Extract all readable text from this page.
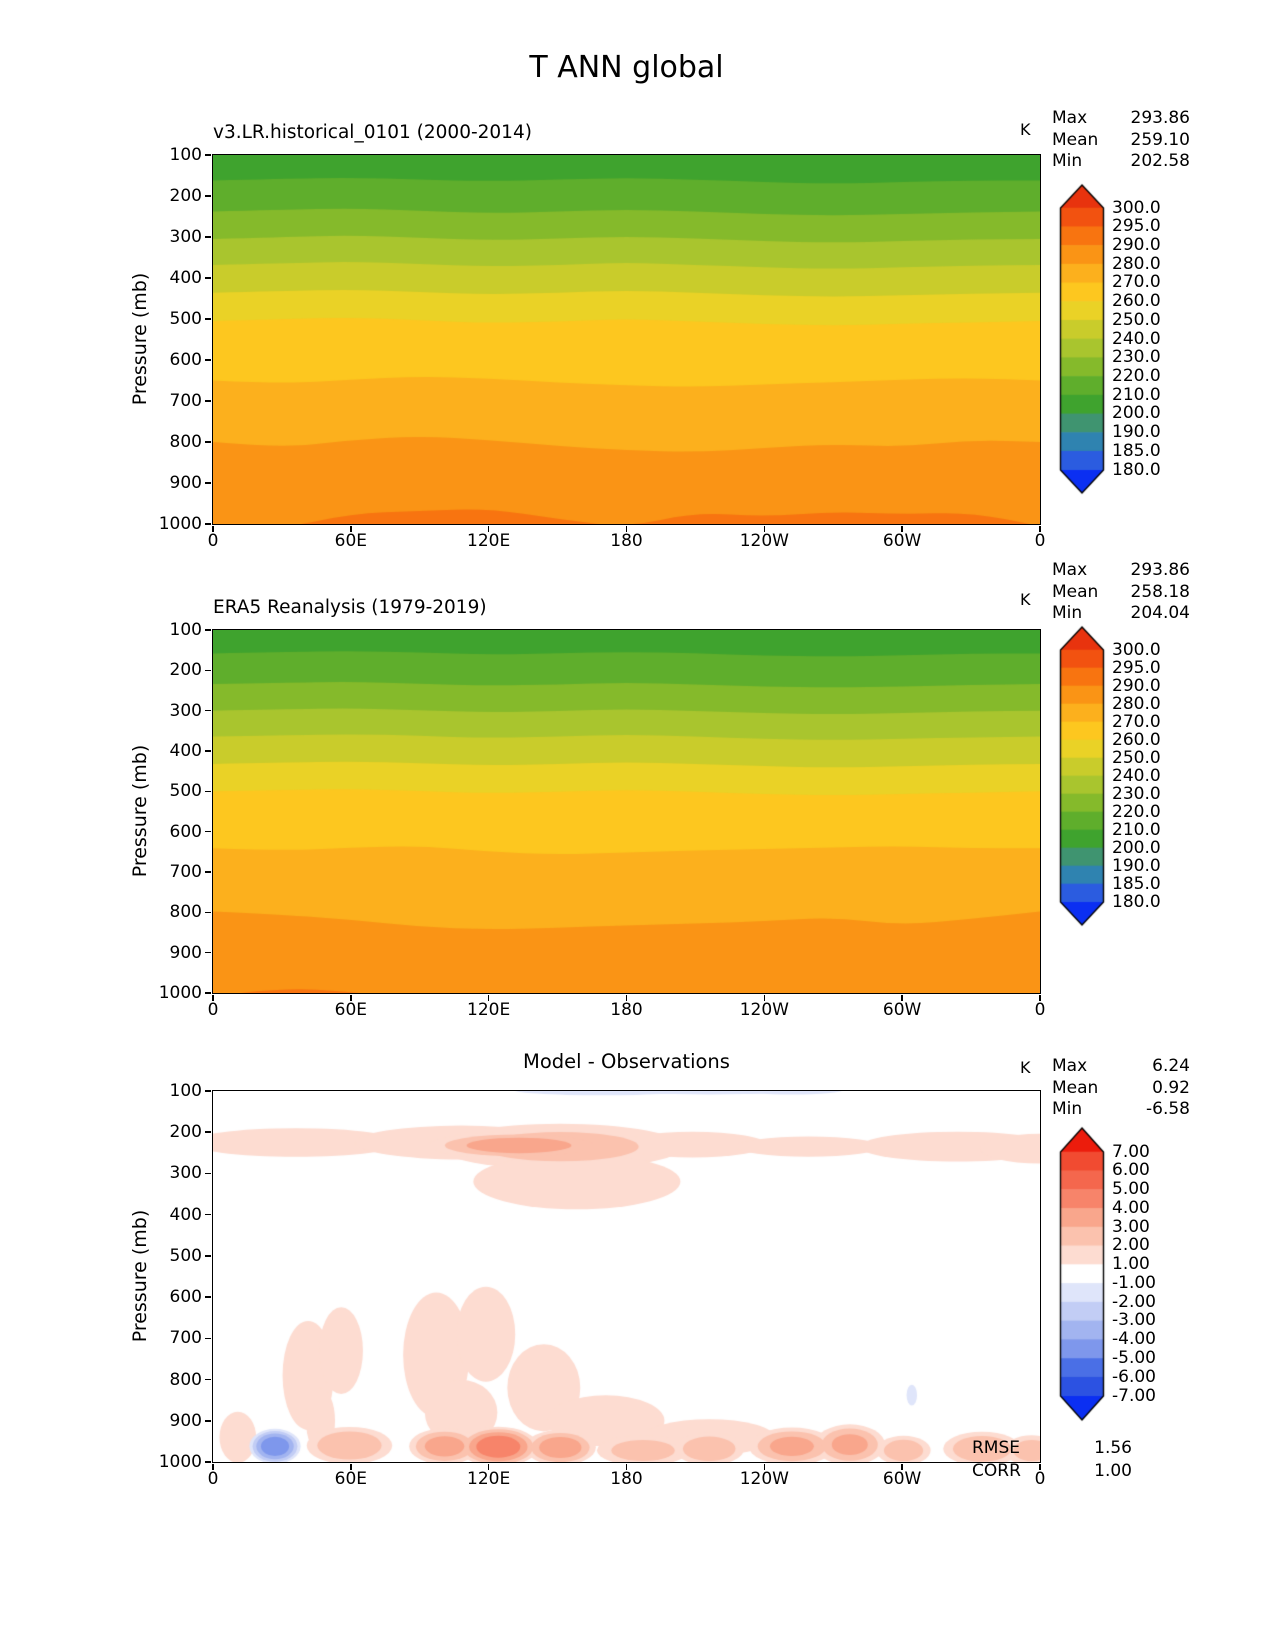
T ANN global
v3.LR.historical_0101 (2000-2014)	K
Max	293.86
Mean 259.10
Min	202.58
Pressure (mb)
ERA5 Reanalysis (1979-2019)	K
Max	293.86
Mean 258.18
Min	204.04
Pressure (mb)
Model - Observations	K Max	6.24
Mean	0.92
Min	-6.58
Pressure (mb)
RMSE	1.56
CORR	1.00
100
200
300
400
500
600
700
800
900
1000
0	60E	120E	180	120W	60W	0
300.0
295.0
290.0
280.0
270.0
260.0
250.0
240.0
230.0
220.0
210.0
200.0
190.0
185.0
180.0
100
200
300
400
500
600
700
800
900
1000
0	60E	120E	180	120W	60W	0
300.0
295.0
290.0
280.0
270.0
260.0
250.0
240.0
230.0
220.0
210.0
200.0
190.0
185.0
180.0
100
200
300
400
500
600
700
800
900
1000
0	60E	120E	180	120W	60W	0
7.00
6.00
5.00
4.00
3.00
2.00
1.00
-1.00
-2.00
-3.00
-4.00
-5.00
-6.00
-7.00
